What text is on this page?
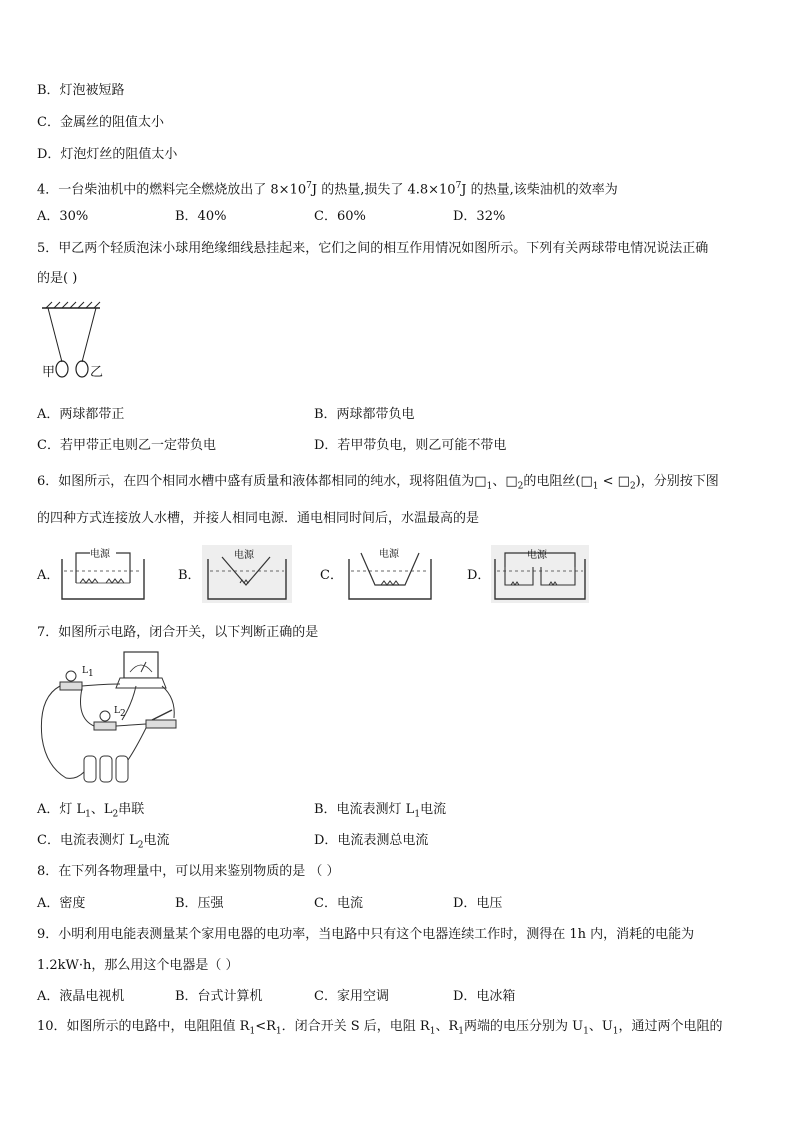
B．灯泡被短路
C．金属丝的阻值太小
D．灯泡灯丝的阻值太小
4．一台柴油机中的燃料完全燃烧放出了 $8\times 10^7J$ 的热量,损失了 $4.8\times 10^7J$ 的热量,该柴油机的效率为
A．30%	B．40%	C．60%	D．32%
5．甲乙两个轻质泡沫小球用绝缘细线悬挂起来，它们之间的相互作用情况如图所示。下列有关两球带电情况说法正确
的是( )
甲	乙
A．两球都带正	B．两球都带负电
C．若甲带正电则乙一定带负电	D．若甲带负电，则乙可能不带电
6．如图所示，在四个相同水槽中盛有质量和液体都相同的纯水，现将阻值为$□_1$、$□_2$的电阻丝($□_1$ < $□_2$)，分别按下图
的四种方式连接放人水槽，并接人相同电源．通电相同时间后，水温最高的是
A．
电源
B．
电源
C．
电源
D．
电源
7．如图所示电路，闭合开关，以下判断正确的是
$L_1$
$L_2$
A．灯 $L_1$、$L_2$串联	B．电流表测灯 $L_1$电流
C．电流表测灯 $L_2$电流	D．电流表测总电流
8．在下列各物理量中，可以用来鉴别物质的是 （ ）
A．密度	B．压强	C．电流	D．电压
9．小明利用电能表测量某个家用电器的电功率，当电路中只有这个电器连续工作时，测得在 1h 内，消耗的电能为
1.2kW·h，那么用这个电器是（ ）
A．液晶电视机	B．台式计算机	C．家用空调	D．电冰箱
10．如图所示的电路中，电阻阻值 $R_1<R_1$．闭合开关 S 后，电阻 $R_1$、$R_1$两端的电压分别为 $U_1$、$U_1$，通过两个电阻的
